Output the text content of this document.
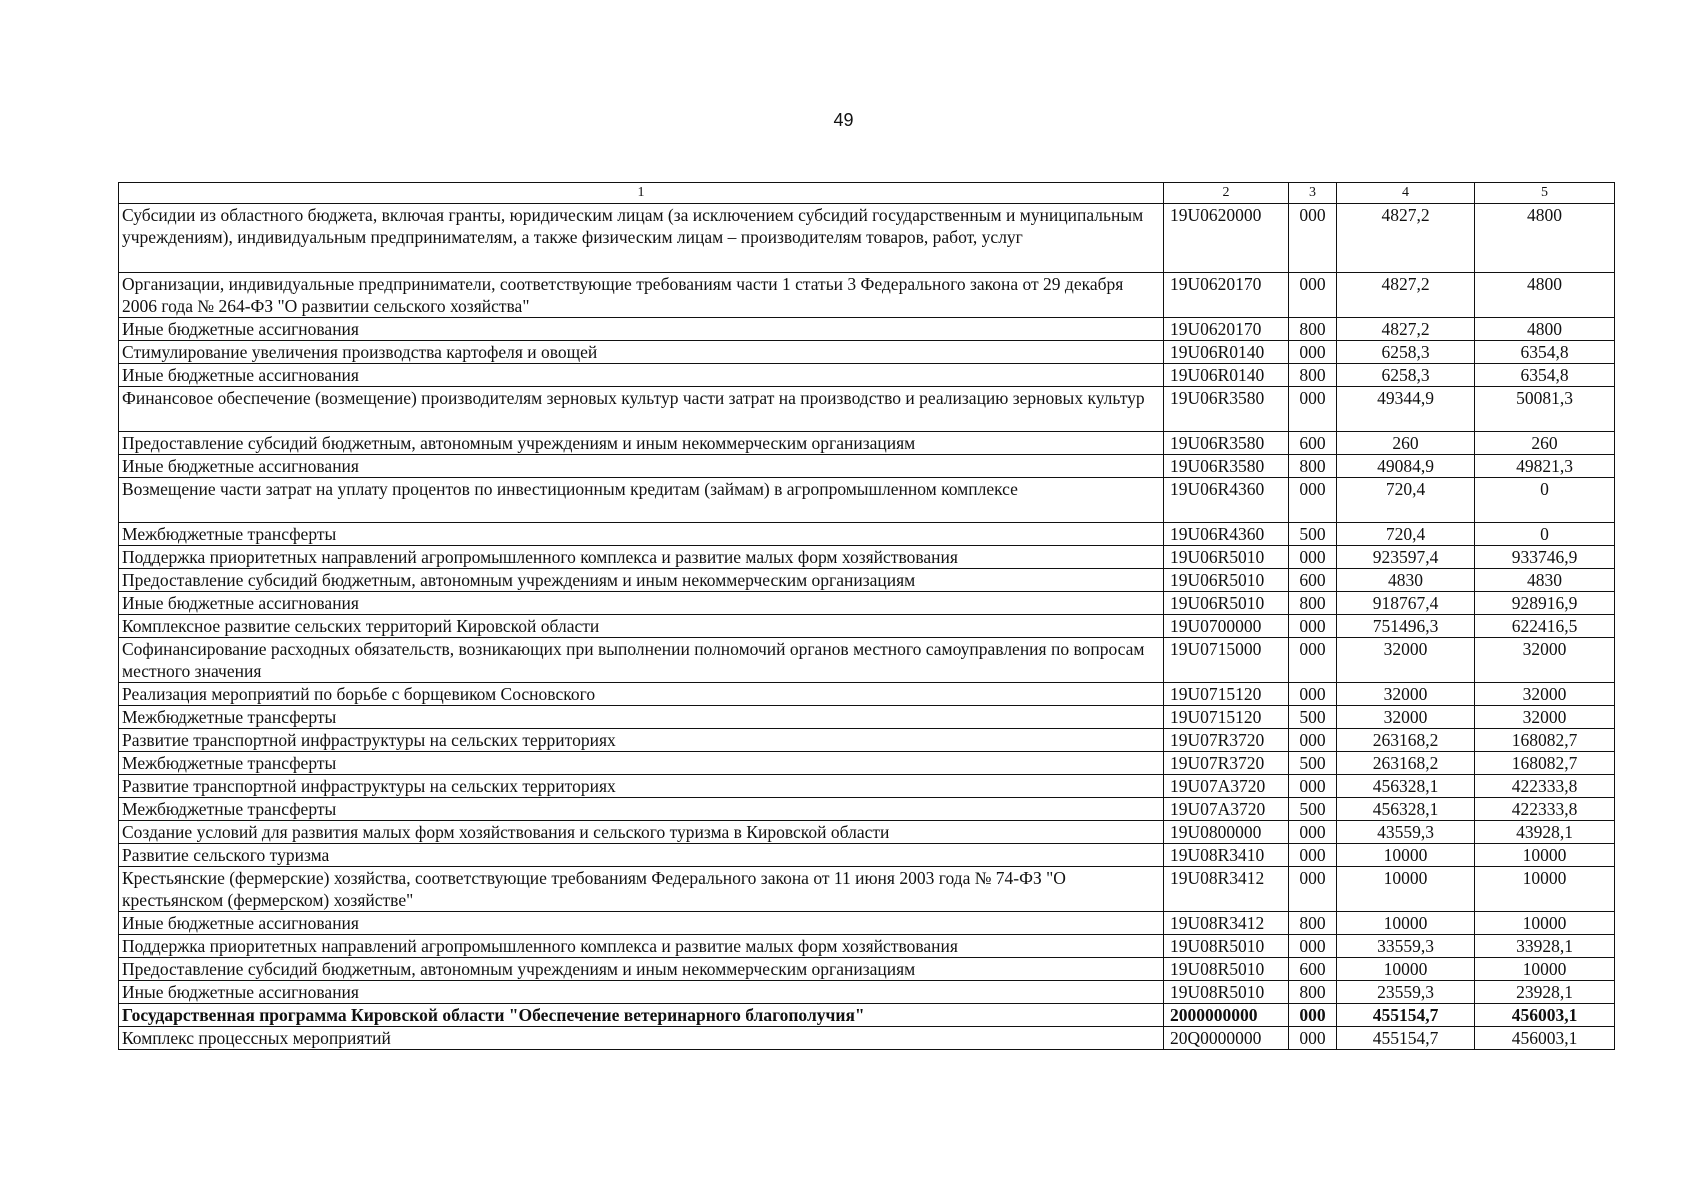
49
1	2	3	4	5
Субсидии из областного бюджета, включая гранты, юридическим лицам (за исключением субсидий государственным и муниципальным учреждениям), индивидуальным предпринимателям, а также физическим лицам – производителям товаров, работ, услуг	19U0620000	000	4827,2	4800
Организации, индивидуальные предприниматели, соответствующие требованиям части 1 статьи 3 Федерального закона от 29 декабря 2006 года № 264-ФЗ "О развитии сельского хозяйства"	19U0620170	000	4827,2	4800
Иные бюджетные ассигнования	19U0620170	800	4827,2	4800
Стимулирование увеличения производства картофеля и овощей	19U06R0140	000	6258,3	6354,8
Иные бюджетные ассигнования	19U06R0140	800	6258,3	6354,8
Финансовое обеспечение (возмещение) производителям зерновых культур части затрат на производство и реализацию зерновых культур	19U06R3580	000	49344,9	50081,3
Предоставление субсидий бюджетным, автономным учреждениям и иным некоммерческим организациям	19U06R3580	600	260	260
Иные бюджетные ассигнования	19U06R3580	800	49084,9	49821,3
Возмещение части затрат на уплату процентов по инвестиционным кредитам (займам) в агропромышленном комплексе	19U06R4360	000	720,4	0
Межбюджетные трансферты	19U06R4360	500	720,4	0
Поддержка приоритетных направлений агропромышленного комплекса и развитие малых форм хозяйствования	19U06R5010	000	923597,4	933746,9
Предоставление субсидий бюджетным, автономным учреждениям и иным некоммерческим организациям	19U06R5010	600	4830	4830
Иные бюджетные ассигнования	19U06R5010	800	918767,4	928916,9
Комплексное развитие сельских территорий Кировской области	19U0700000	000	751496,3	622416,5
Софинансирование расходных обязательств, возникающих при выполнении полномочий органов местного самоуправления по вопросам местного значения	19U0715000	000	32000	32000
Реализация мероприятий по борьбе с борщевиком Сосновского	19U0715120	000	32000	32000
Межбюджетные трансферты	19U0715120	500	32000	32000
Развитие транспортной инфраструктуры на сельских территориях	19U07R3720	000	263168,2	168082,7
Межбюджетные трансферты	19U07R3720	500	263168,2	168082,7
Развитие транспортной инфраструктуры на сельских территориях	19U07A3720	000	456328,1	422333,8
Межбюджетные трансферты	19U07A3720	500	456328,1	422333,8
Создание условий для развития малых форм хозяйствования и сельского туризма в Кировской области	19U0800000	000	43559,3	43928,1
Развитие сельского туризма	19U08R3410	000	10000	10000
Крестьянские (фермерские) хозяйства, соответствующие требованиям Федерального закона от 11 июня 2003 года № 74-ФЗ "О крестьянском (фермерском) хозяйстве"	19U08R3412	000	10000	10000
Иные бюджетные ассигнования	19U08R3412	800	10000	10000
Поддержка приоритетных направлений агропромышленного комплекса и развитие малых форм хозяйствования	19U08R5010	000	33559,3	33928,1
Предоставление субсидий бюджетным, автономным учреждениям и иным некоммерческим организациям	19U08R5010	600	10000	10000
Иные бюджетные ассигнования	19U08R5010	800	23559,3	23928,1
Государственная программа Кировской области "Обеспечение ветеринарного благополучия"	2000000000	000	455154,7	456003,1
Комплекс процессных мероприятий	20Q0000000	000	455154,7	456003,1
